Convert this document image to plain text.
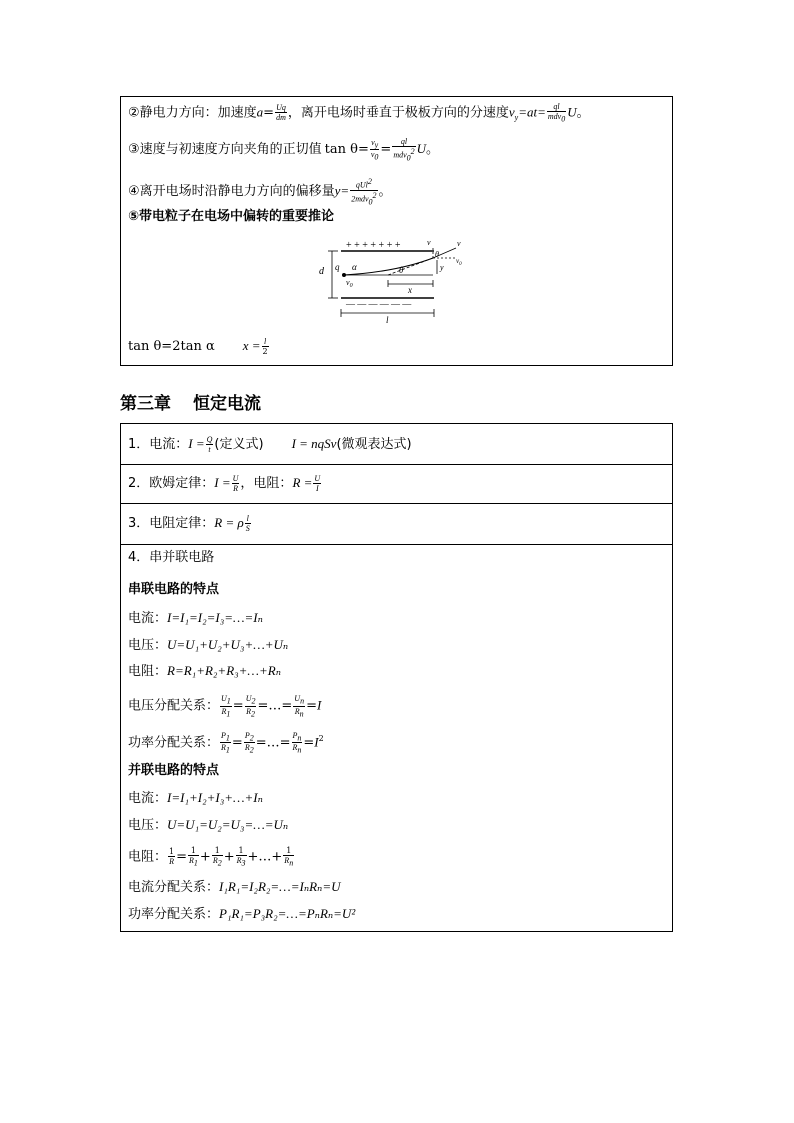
②静电力方向：加速度$a= \frac{Uq}{dm}$ ，离开电场时垂直于极板方向的分速度$v_y=at= \frac{ql}{mdv_0}$ U。
③速度与初速度方向夹角的正切值 $\tan \theta= \frac{v_y}{v_0} = \frac{ql}{mdv_0^2}$ U。
④离开电场时沿静电力方向的偏移量$y= \frac{qUl^2}{2mdv_0^2}$ 。
⑤带电粒子在电场中偏转的重要推论
+ + + + + + +
— — — — — —
d q α
$v_0$
θ
θ
v	v
$v_0$
y
x
l
tan θ=2tan α $x = \frac{l}{2}$
第三章 恒定电流
1．电流：$I = \frac{Q}{t}$ (定义式) I = nqSv(微观表达式)
2．欧姆定律：$I = \frac{U}{R}$ ，电阻：$R = \frac{U}{I}$
3．电阻定律：R = ρ $\frac{l}{S}$
4．串并联电路
串联电路的特点
电流：I=I₁=I₂=I₃=…=Iₙ
电压：U=U₁+U₂+U₃+…+Uₙ
电阻：R=R₁+R₂+R₃+…+Rₙ
电压分配关系： $\frac{U_1}{R_1} = \frac{U_2}{R_2}$ =…= $\frac{U_n}{R_n} =I$
功率分配关系： $\frac{P_1}{R_1} = \frac{P_2}{R_2}$ =…= $\frac{P_n}{R_n} =I^2$
并联电路的特点
电流：I=I₁+I₂+I₃+…+Iₙ
电压：U=U₁=U₂=U₃=…=Uₙ
电阻： $\frac{1}{R} = \frac{1}{R_1} + \frac{1}{R_2} + \frac{1}{R_3}$ +…+ $\frac{1}{R_n}$
电流分配关系：I₁R₁=I₂R₂=…=IₙRₙ=U
功率分配关系：P₁R₁=P₃R₂=…=PₙRₙ=U²
